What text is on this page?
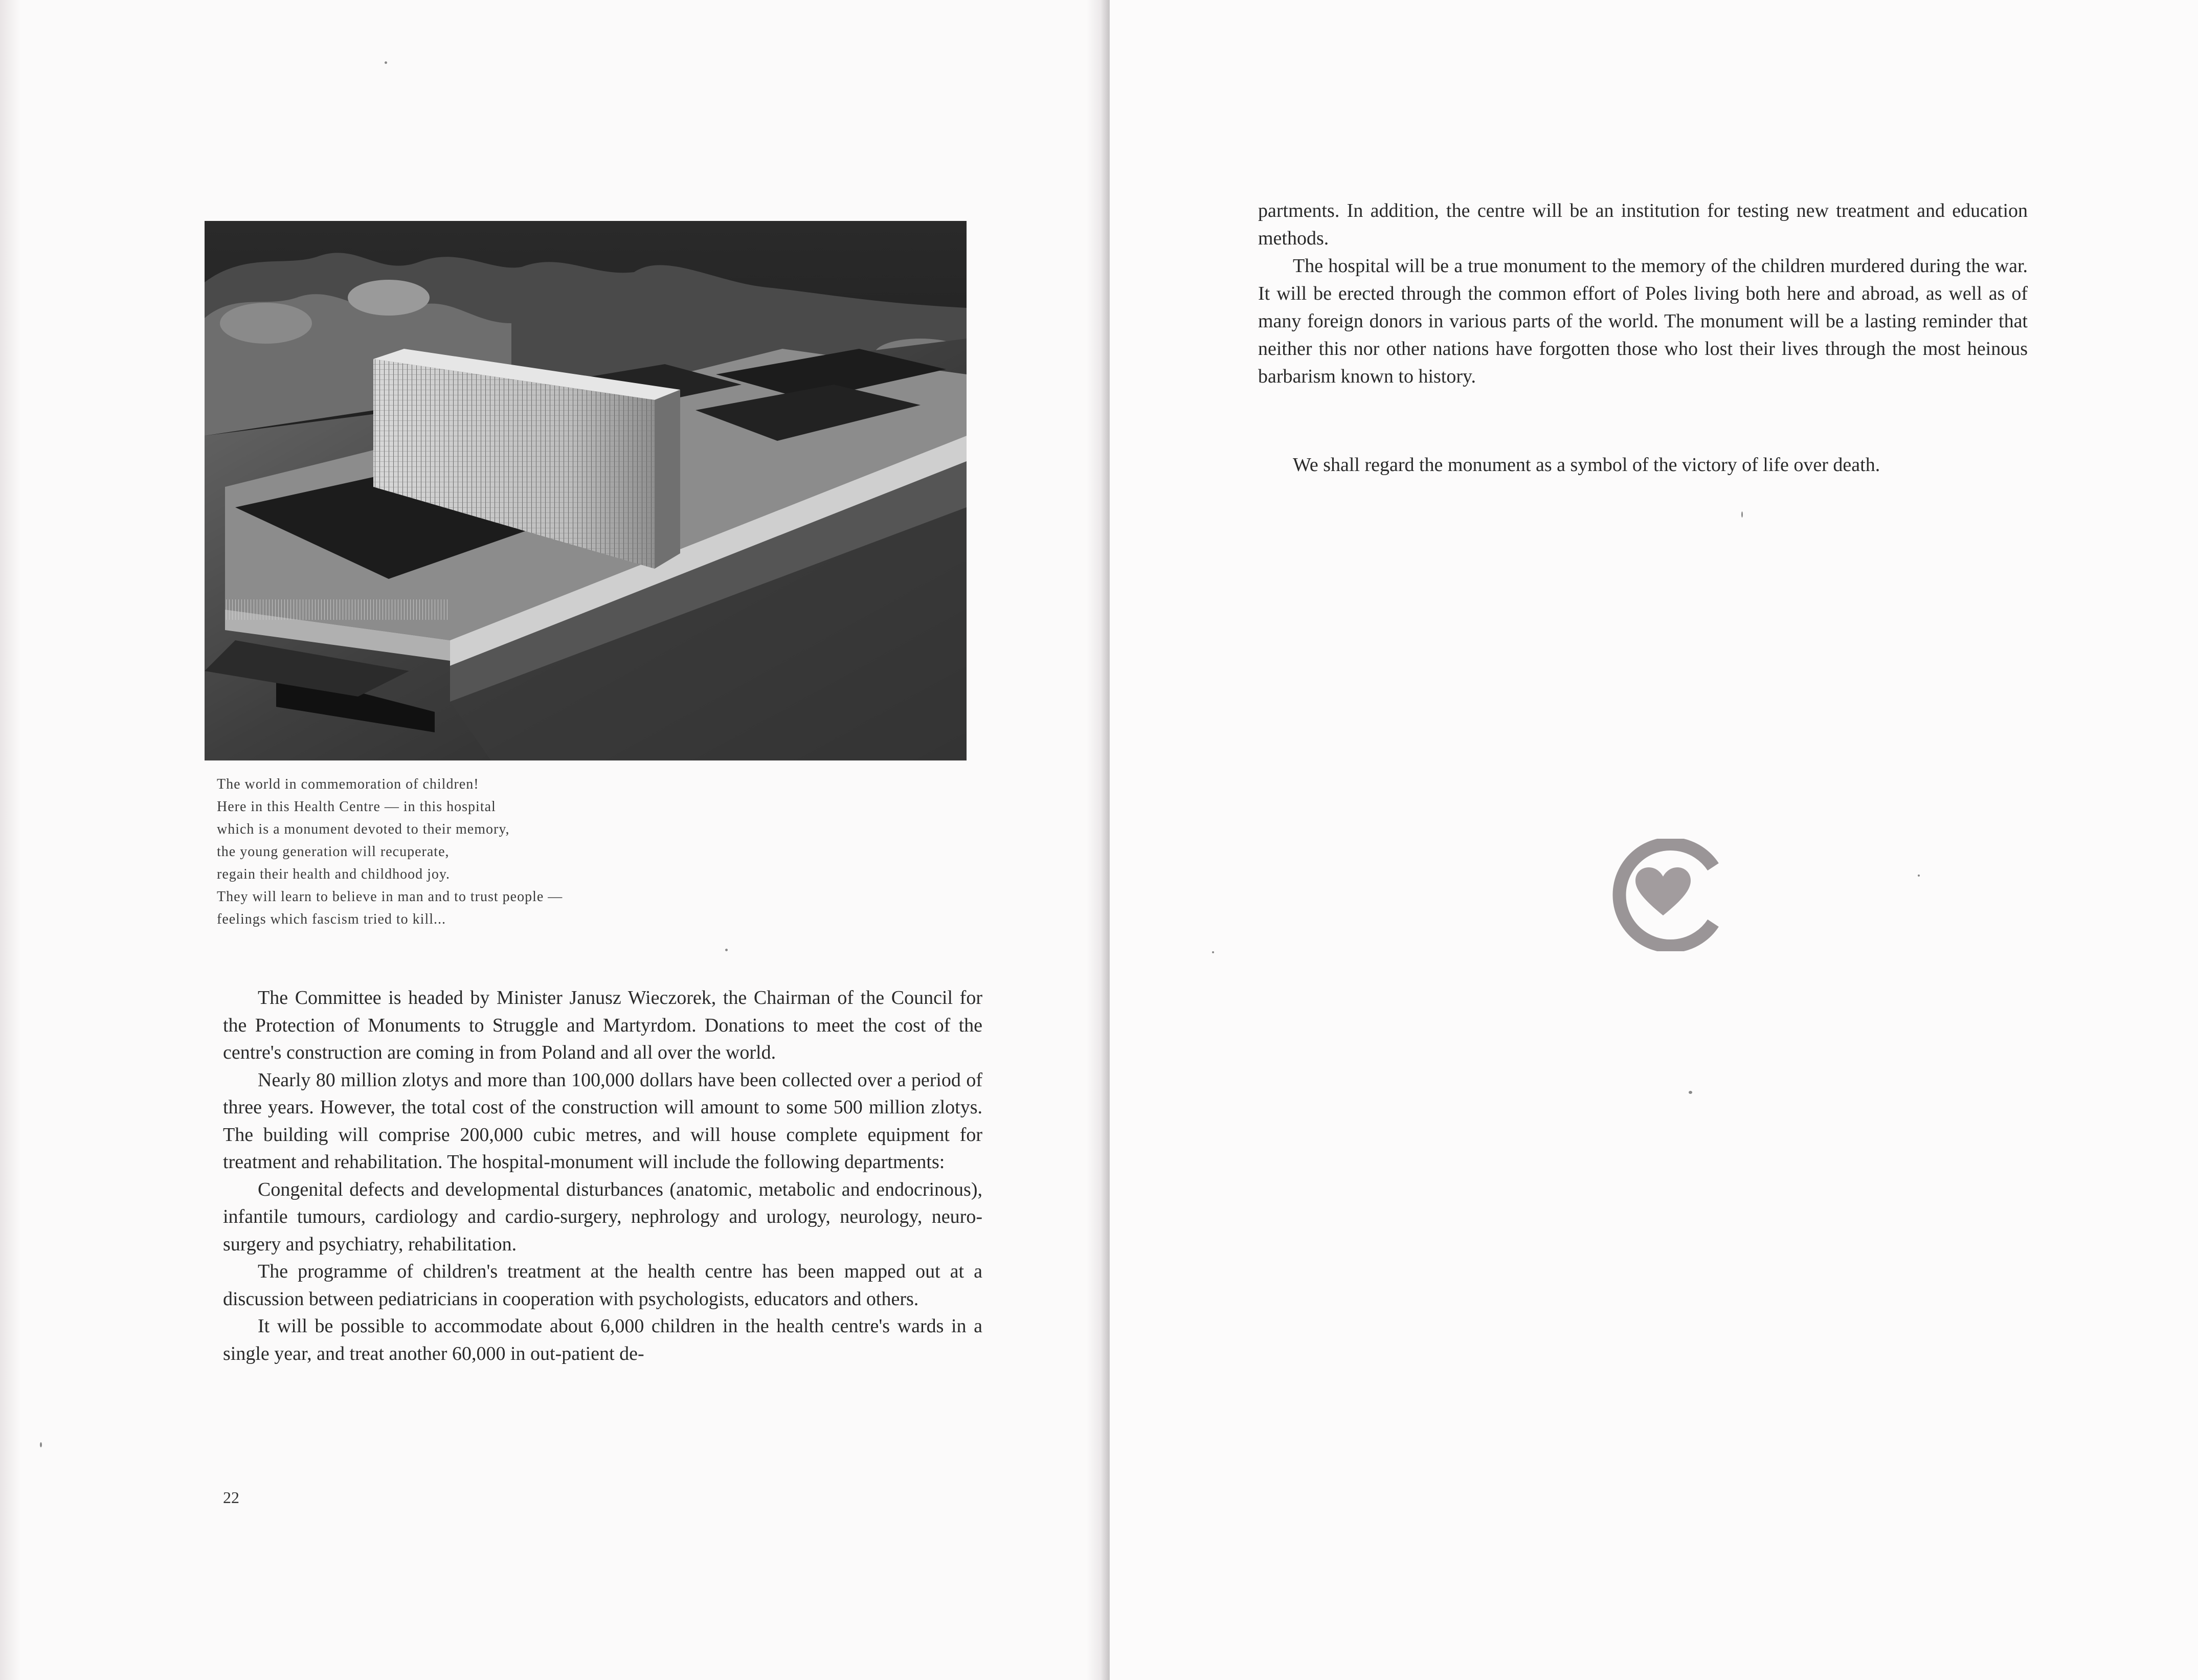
The world in commemoration of children!
Here in this Health Centre — in this hospital
which is a monument devoted to their memory,
the young generation will recuperate,
regain their health and childhood joy.
They will learn to believe in man and to trust people —
feelings which fascism tried to kill...

The Committee is headed by Minister Janusz Wieczorek, the Chairman of the Council for the Protection of Monuments to Struggle and Martyrdom. Donations to meet the cost of the centre's construction are coming in from Poland and all over the world.

Nearly 80 million zlotys and more than 100,000 dollars have been collected over a period of three years. However, the total cost of the construction will amount to some 500 million zlotys. The building will comprise 200,000 cubic metres, and will house complete equipment for treatment and rehabilitation. The hospital-monument will include the following departments:

Congenital defects and developmental disturbances (anatomic, metabolic and endocrinous), infantile tumours, cardiology and cardio-surgery, nephrology and urology, neurology, neuro-surgery and psychiatry, rehabilitation.

The programme of children's treatment at the health centre has been mapped out at a discussion between pediatricians in cooperation with psychologists, educators and others.

It will be possible to accommodate about 6,000 children in the health centre's wards in a single year, and treat another 60,000 in out-patient de-

22

partments. In addition, the centre will be an institution for testing new treatment and education methods.

The hospital will be a true monument to the memory of the children murdered during the war. It will be erected through the common effort of Poles living both here and abroad, as well as of many foreign donors in various parts of the world. The monument will be a lasting reminder that neither this nor other nations have forgotten those who lost their lives through the most heinous barbarism known to history.

We shall regard the monument as a symbol of the victory of life over death.
